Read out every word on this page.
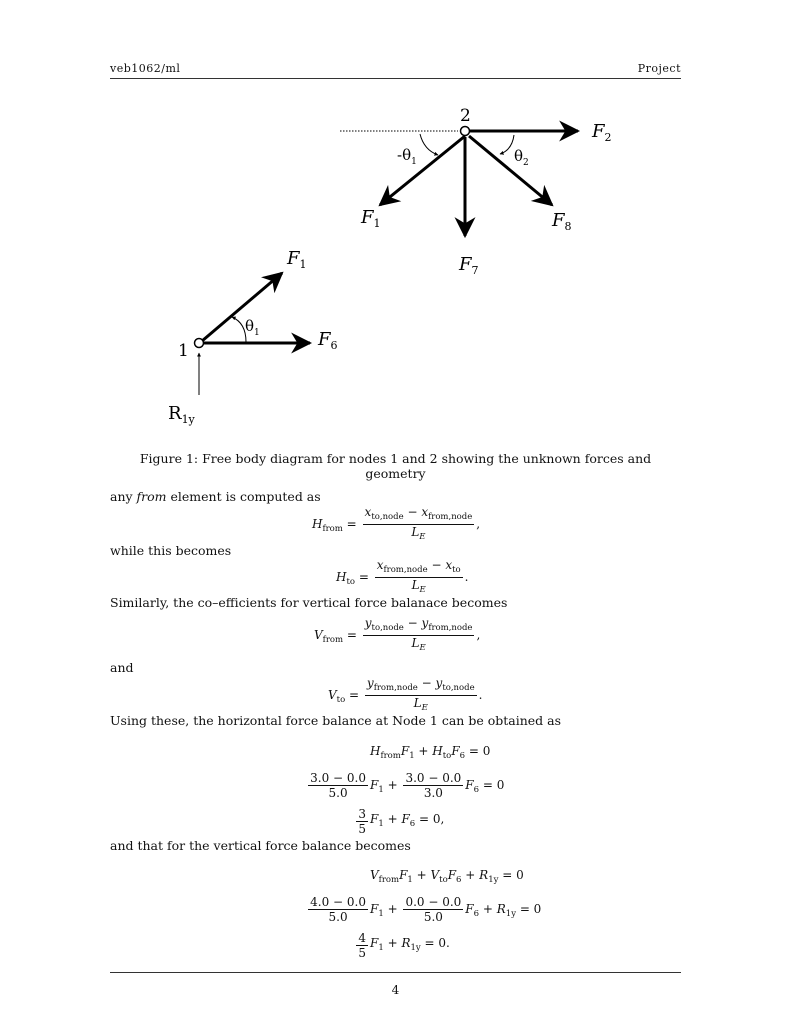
veb1062/ml	Project
2
$F_2$
$F_1$	$F_8$
$F_7$
$-\theta_1$	$\theta_2$
1
$F_1$
$F_6$
$\theta_1$
$R_{1y}$
Figure 1: Free body diagram for nodes 1 and 2 showing the unknown forces and geometry
any from element is computed as
$H_{from} = \frac{x_{to,node} - x_{from,node}}{L_E}$ ,
while this becomes
$H_{to} = \frac{x_{from,node} - x_{to}}{L_E}$ .
Similarly, the co–efficients for vertical force balanace becomes
$V_{from} = \frac{y_{to,node} - y_{from,node}}{L_E}$ ,
and
$V_{to} = \frac{y_{from,node} - y_{to,node}}{L_E}$ .
Using these, the horizontal force balance at Node 1 can be obtained as
$H_{from}F_1 + H_{to}F_6 = 0$
$\frac{3.0 - 0.0}{5.0} F_1 + \frac{3.0 - 0.0}{3.0} F_6 = 0$
$\frac{3}{5} F_1 + F_6 = 0$,
and that for the vertical force balance becomes
$V_{from}F_1 + V_{to}F_6 + R_{1y} = 0$
$\frac{4.0 - 0.0}{5.0} F_1 + \frac{0.0 - 0.0}{5.0} F_6 + R_{1y} = 0$
$\frac{4}{5} F_1 + R_{1y} = 0$.
4
